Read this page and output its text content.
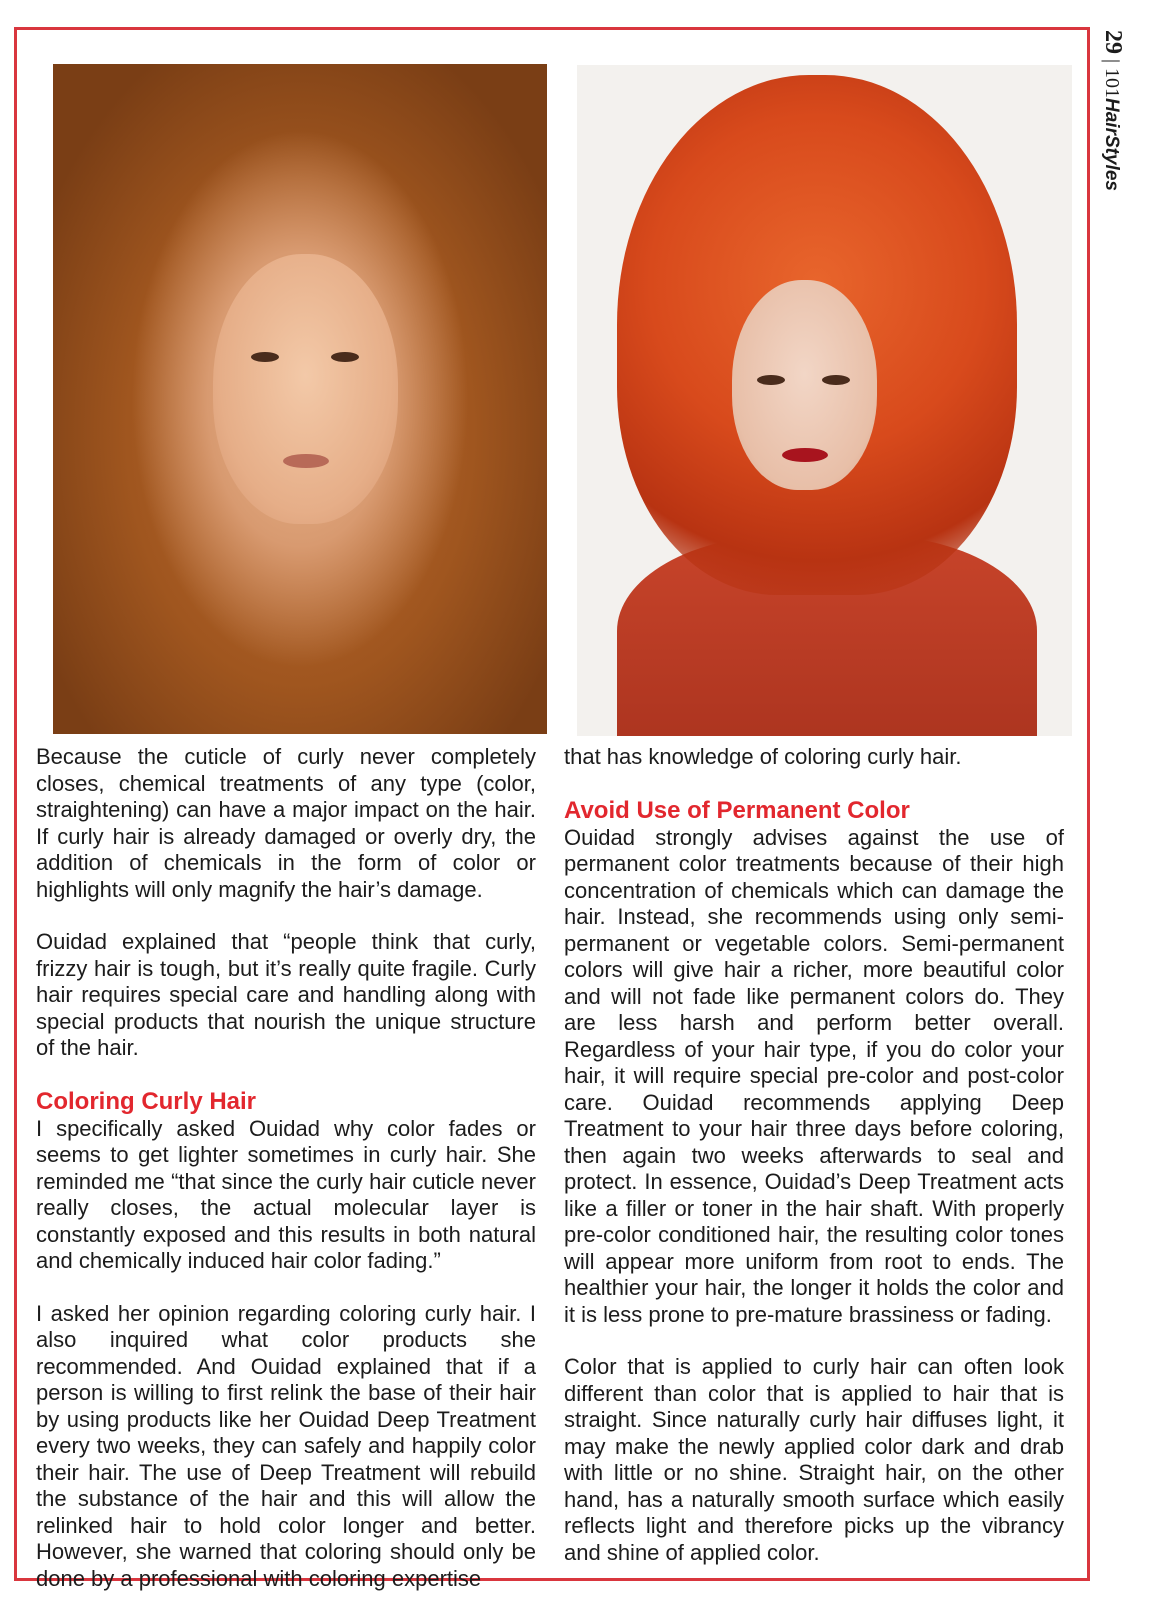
29 | 101HairStyles

Because the cuticle of curly never completely closes, chemical treatments of any type (color, straightening) can have a major impact on the hair. If curly hair is already damaged or overly dry, the addition of chemicals in the form of color or highlights will only magnify the hair’s damage.

Ouidad explained that “people think that curly, frizzy hair is tough, but it’s really quite fragile. Curly hair requires special care and handling along with special products that nourish the unique structure of the hair.

Coloring Curly Hair

I specifically asked Ouidad why color fades or seems to get lighter sometimes in curly hair. She reminded me “that since the curly hair cuticle never really closes, the actual molecular layer is constantly exposed and this results in both natural and chemically induced hair color fading.”

I asked her opinion regarding coloring curly hair. I also inquired what color products she recommended. And Ouidad explained that if a person is willing to first relink the base of their hair by using products like her Ouidad Deep Treatment every two weeks, they can safely and happily color their hair. The use of Deep Treatment will rebuild the substance of the hair and this will allow the relinked hair to hold color longer and better. However, she warned that coloring should only be done by a professional with coloring expertise

that has knowledge of coloring curly hair.

Avoid Use of Permanent Color

Ouidad strongly advises against the use of permanent color treatments because of their high concentration of chemicals which can damage the hair. Instead, she recommends using only semi-permanent or vegetable colors. Semi-permanent colors will give hair a richer, more beautiful color and will not fade like permanent colors do. They are less harsh and perform better overall. Regardless of your hair type, if you do color your hair, it will require special pre-color and post-color care. Ouidad recommends applying Deep Treatment to your hair three days before coloring, then again two weeks afterwards to seal and protect. In essence, Ouidad’s Deep Treatment acts like a filler or toner in the hair shaft. With properly pre-color conditioned hair, the resulting color tones will appear more uniform from root to ends. The healthier your hair, the longer it holds the color and it is less prone to pre-mature brassiness or fading.

Color that is applied to curly hair can often look different than color that is applied to hair that is straight. Since naturally curly hair diffuses light, it may make the newly applied color dark and drab with little or no shine. Straight hair, on the other hand, has a naturally smooth surface which easily reflects light and therefore picks up the vibrancy and shine of applied color.
